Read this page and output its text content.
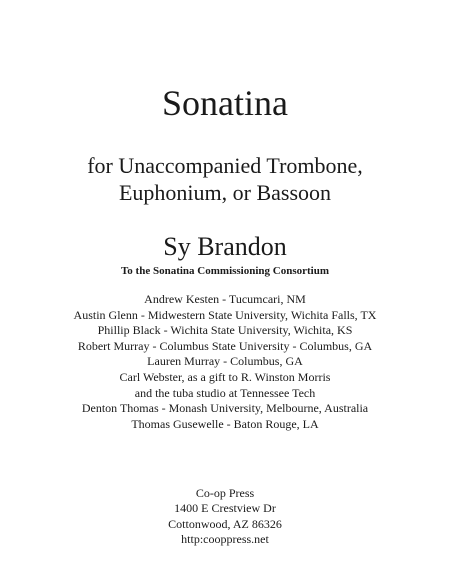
Sonatina
for Unaccompanied Trombone,
Euphonium, or Bassoon
Sy Brandon
To the Sonatina Commissioning Consortium
Andrew Kesten - Tucumcari, NM
Austin Glenn - Midwestern State University, Wichita Falls, TX
Phillip Black - Wichita State University, Wichita, KS
Robert Murray - Columbus State University - Columbus, GA
Lauren Murray - Columbus, GA
Carl Webster, as a gift to R. Winston Morris
and the tuba studio at Tennessee Tech
Denton Thomas - Monash University, Melbourne, Australia
Thomas Gusewelle - Baton Rouge, LA
Co-op Press
1400 E Crestview Dr
Cottonwood, AZ 86326
http:cooppress.net
